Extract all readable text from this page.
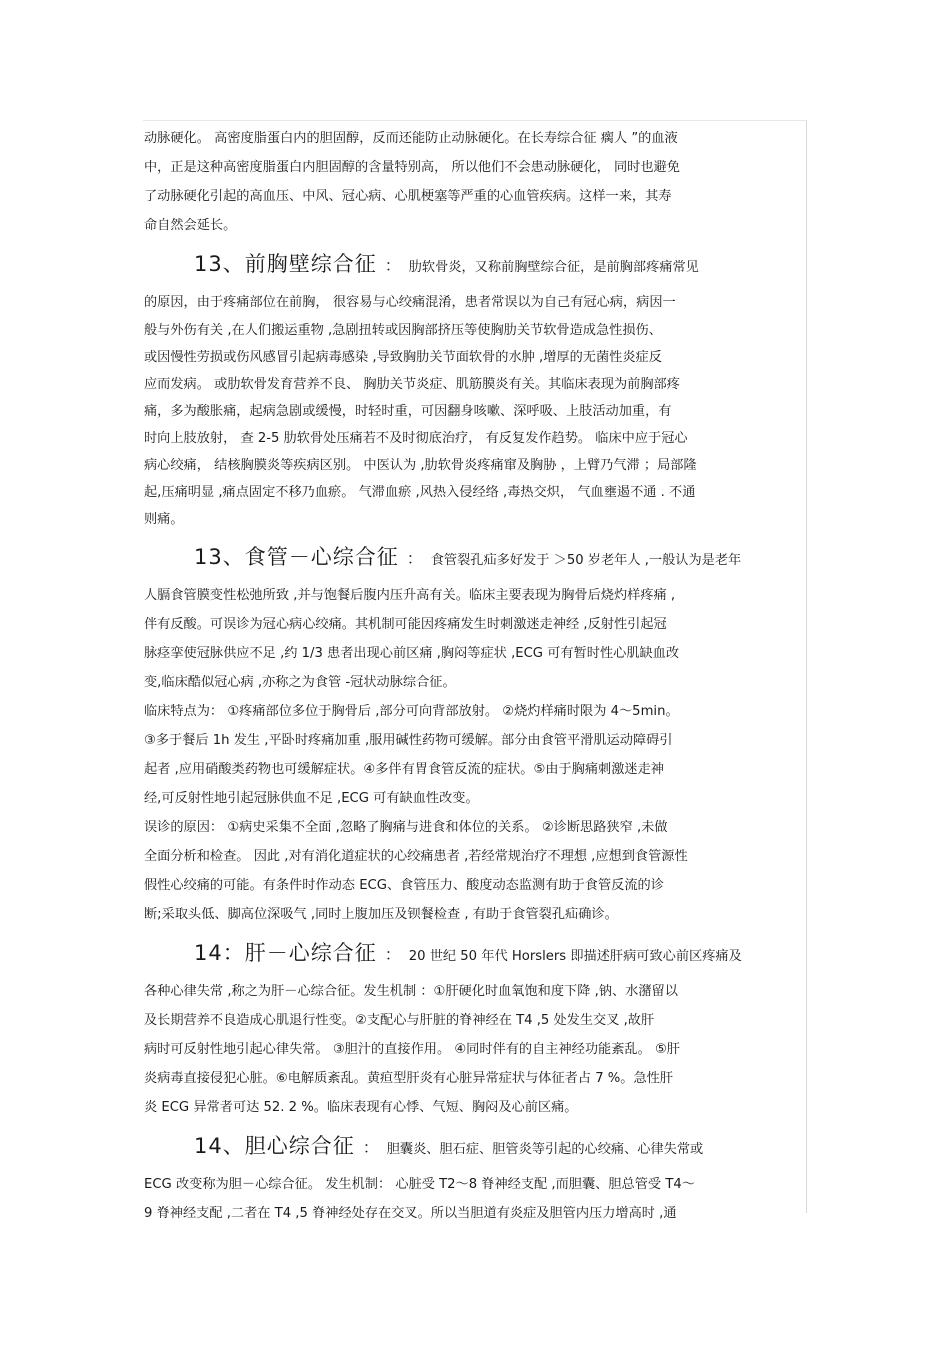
动脉硬化。 高密度脂蛋白内的胆固醇，反而还能防止动脉硬化。在长寿综合征 瘸人 ”的血液
中，正是这种高密度脂蛋白内胆固醇的含量特别高， 所以他们不会患动脉硬化， 同时也避免
了动脉硬化引起的高血压、中风、冠心病、心肌梗塞等严重的心血管疾病。这样一来，其寿
命自然会延长。
13、前胸壁综合征 ： 肋软骨炎，又称前胸壁综合征，是前胸部疼痛常见
的原因，由于疼痛部位在前胸， 很容易与心绞痛混淆，患者常误以为自己有冠心病，病因一
般与外伤有关 ,在人们搬运重物 ,急剧扭转或因胸部挤压等使胸肋关节软骨造成急性损伤、
或因慢性劳损或伤风感冒引起病毒感染 ,导致胸肋关节面软骨的水肿 ,增厚的无菌性炎症反
应而发病。 或肋软骨发育营养不良、 胸肋关节炎症、肌筋膜炎有关。其临床表现为前胸部疼
痛，多为酸胀痛，起病急剧或缓慢，时轻时重，可因翻身咳嗽、深呼吸、上肢活动加重，有
时向上肢放射， 查 2-5 肋软骨处压痛若不及时彻底治疗， 有反复发作趋势。 临床中应于冠心
病心绞痛， 结核胸膜炎等疾病区别。 中医认为 ,肋软骨炎疼痛窜及胸胁 ，上臂乃气滞 ；局部隆
起,压痛明显 ,痛点固定不移乃血瘀。 气滞血瘀 ,风热入侵经络 ,毒热交炽， 气血壅遏不通 . 不通
则痛。
13、食管－心综合征 ： 食管裂孔疝多好发于 ＞50 岁老年人 ,一般认为是老年
人膈食管膜变性松弛所致 ,并与饱餐后腹内压升高有关。临床主要表现为胸骨后烧灼样疼痛 ,
伴有反酸。可误诊为冠心病心绞痛。其机制可能因疼痛发生时刺激迷走神经 ,反射性引起冠
脉痉挛使冠脉供应不足 ,约 1/3 患者出现心前区痛 ,胸闷等症状 ,ECG 可有暂时性心肌缺血改
变,临床酷似冠心病 ,亦称之为食管 -冠状动脉综合征。
临床特点为： ①疼痛部位多位于胸骨后 ,部分可向背部放射。 ②烧灼样痛时限为 4～5min。
③多于餐后 1h 发生 ,平卧时疼痛加重 ,服用碱性药物可缓解。部分由食管平滑肌运动障碍引
起者 ,应用硝酸类药物也可缓解症状。④多伴有胃食管反流的症状。⑤由于胸痛刺激迷走神
经,可反射性地引起冠脉供血不足 ,ECG 可有缺血性改变。
误诊的原因： ①病史采集不全面 ,忽略了胸痛与进食和体位的关系。 ②诊断思路狭窄 ,未做
全面分析和检查。 因此 ,对有消化道症状的心绞痛患者 ,若经常规治疗不理想 ,应想到食管源性
假性心绞痛的可能。有条件时作动态 ECG、食管压力、酸度动态监测有助于食管反流的诊
断;采取头低、脚高位深吸气 ,同时上腹加压及钡餐检查 , 有助于食管裂孔疝确诊。
14：肝－心综合征 ： 20 世纪 50 年代 Horslers 即描述肝病可致心前区疼痛及
各种心律失常 ,称之为肝－心综合征。发生机制 ：①肝硬化时血氧饱和度下降 ,钠、水潴留以
及长期营养不良造成心肌退行性变。②支配心与肝脏的脊神经在 T4 ,5 处发生交叉 ,故肝
病时可反射性地引起心律失常。 ③胆汁的直接作用。 ④同时伴有的自主神经功能紊乱。 ⑤肝
炎病毒直接侵犯心脏。⑥电解质紊乱。黄疸型肝炎有心脏异常症状与体征者占 7 %。急性肝
炎 ECG 异常者可达 52. 2 %。临床表现有心悸、气短、胸闷及心前区痛。
14、胆心综合征 ： 胆囊炎、胆石症、胆管炎等引起的心绞痛、心律失常或
ECG 改变称为胆－心综合征。 发生机制： 心脏受 T2～8 脊神经支配 ,而胆囊、胆总管受 T4～
9 脊神经支配 ,二者在 T4 ,5 脊神经处存在交叉。所以当胆道有炎症及胆管内压力增高时 ,通
